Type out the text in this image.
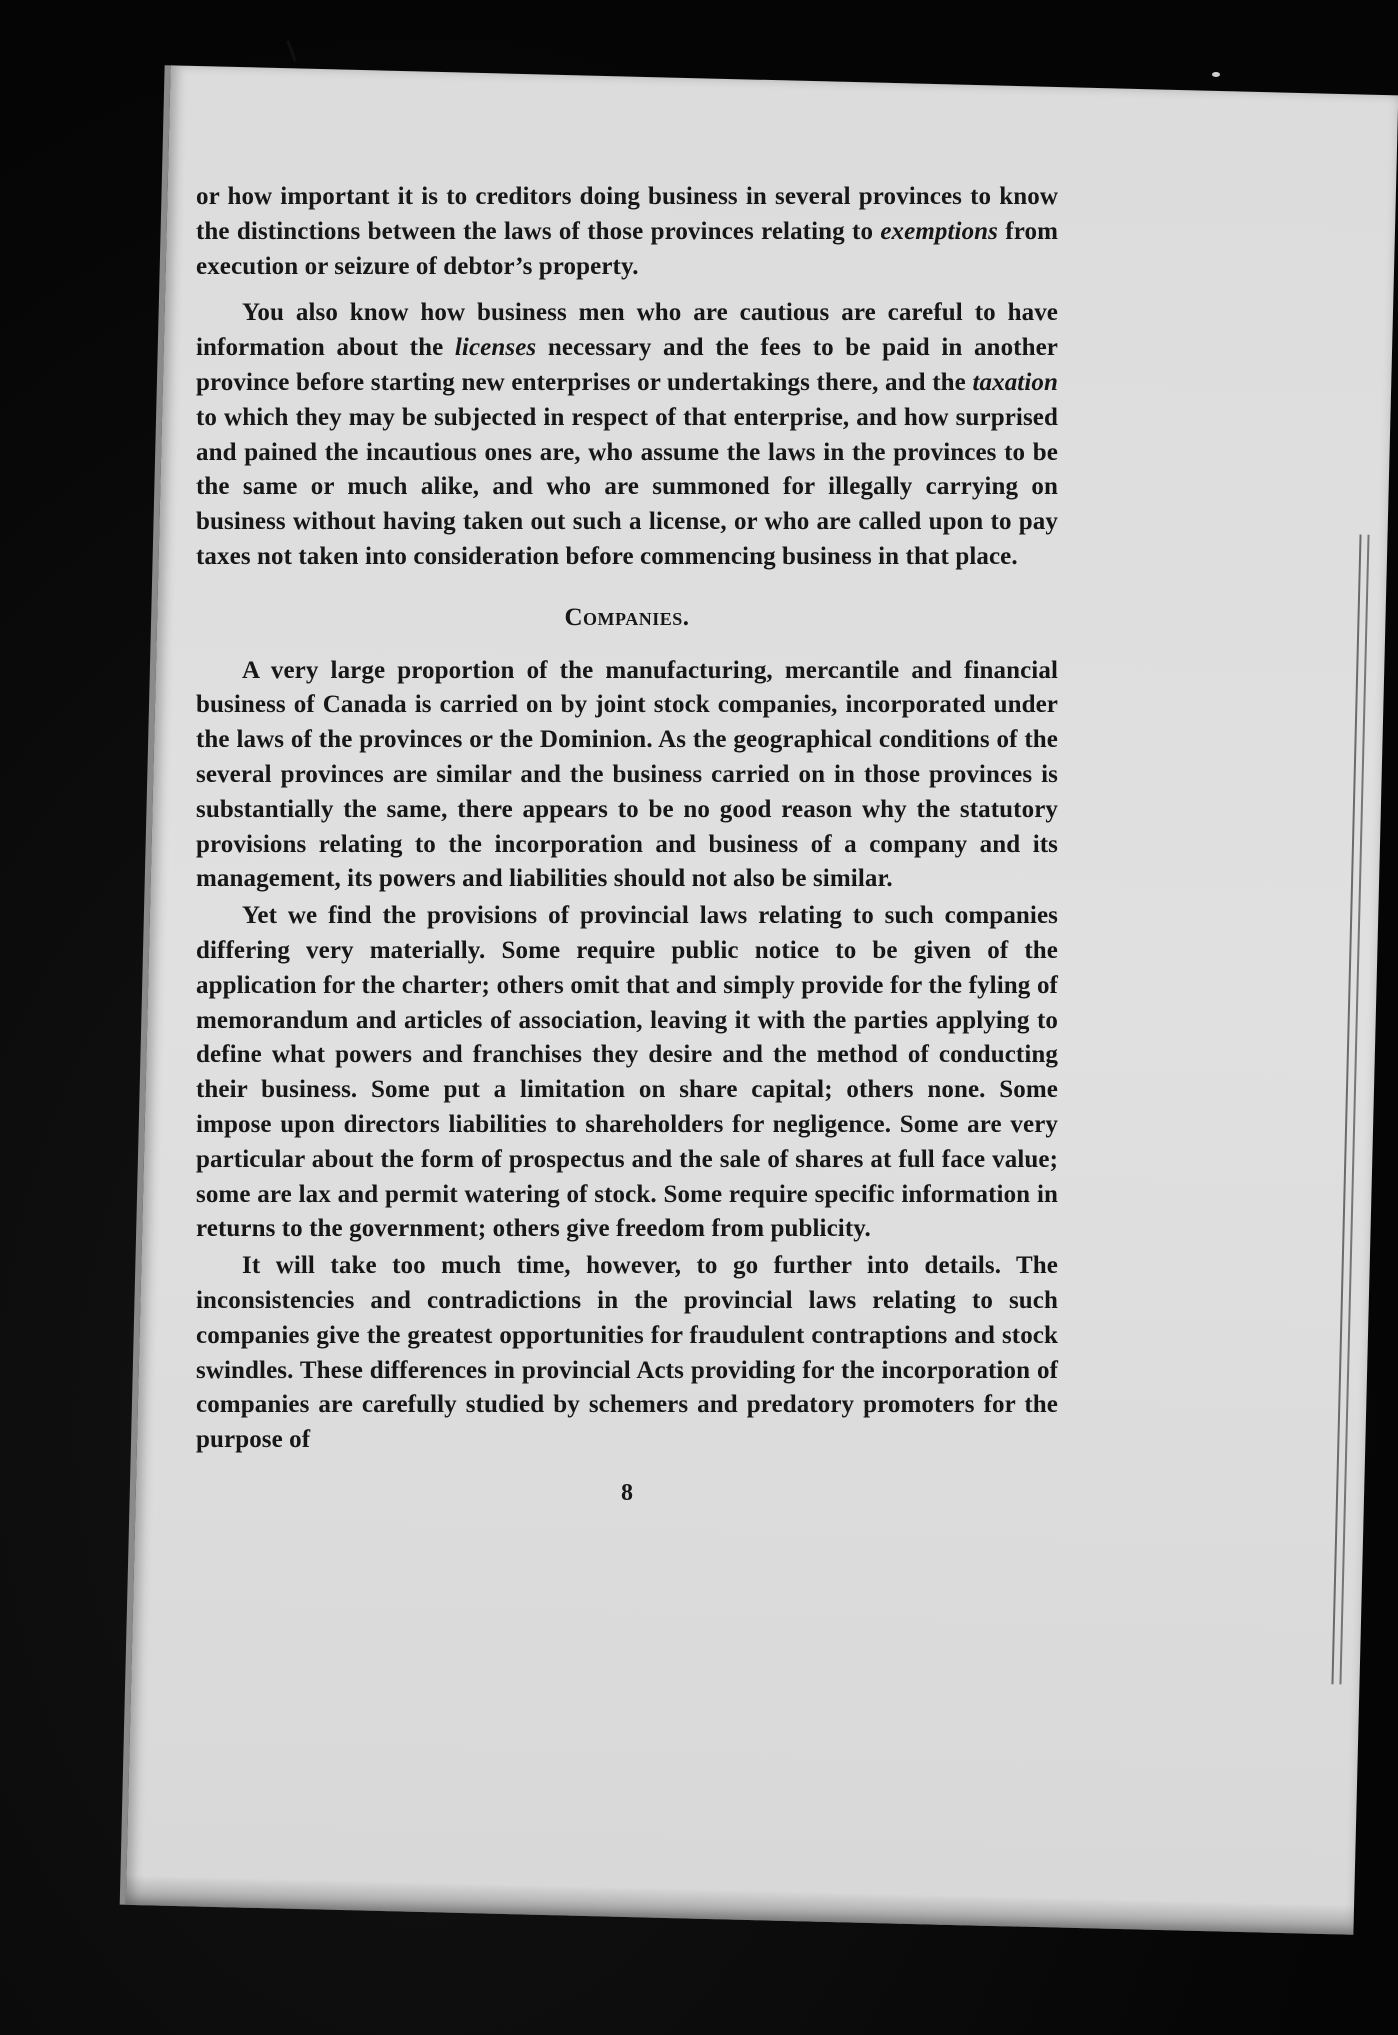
or how important it is to creditors doing business in several provinces to know the distinctions between the laws of those provinces relating to exemptions from execution or seizure of debtor’s property.

You also know how business men who are cautious are careful to have information about the licenses necessary and the fees to be paid in another province before starting new enterprises or undertakings there, and the taxation to which they may be subjected in respect of that enterprise, and how surprised and pained the incautious ones are, who assume the laws in the provinces to be the same or much alike, and who are summoned for illegally carrying on business without having taken out such a license, or who are called upon to pay taxes not taken into consideration before commencing business in that place.

Companies.

A very large proportion of the manufacturing, mercantile and financial business of Canada is carried on by joint stock companies, incorporated under the laws of the provinces or the Dominion. As the geographical conditions of the several provinces are similar and the business carried on in those provinces is substantially the same, there appears to be no good reason why the statutory provisions relating to the incorporation and business of a company and its management, its powers and liabilities should not also be similar.

Yet we find the provisions of provincial laws relating to such companies differing very materially. Some require public notice to be given of the application for the charter; others omit that and simply provide for the fyling of memorandum and articles of association, leaving it with the parties applying to define what powers and franchises they desire and the method of conducting their business. Some put a limitation on share capital; others none. Some impose upon directors liabilities to shareholders for negligence. Some are very particular about the form of prospectus and the sale of shares at full face value; some are lax and permit watering of stock. Some require specific information in returns to the government; others give freedom from publicity.

It will take too much time, however, to go further into details. The inconsistencies and contradictions in the provincial laws relating to such companies give the greatest opportunities for fraudulent contraptions and stock swindles. These differences in provincial Acts providing for the incorporation of companies are carefully studied by schemers and predatory promoters for the purpose of

8
